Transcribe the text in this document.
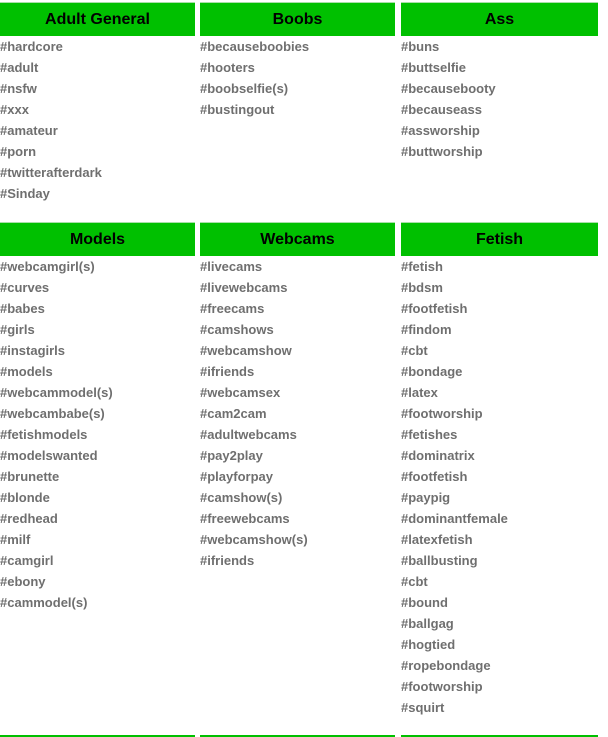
Adult General
#hardcore
#adult
#nsfw
#xxx
#amateur
#porn
#twitterafterdark
#Sinday
Boobs
#becauseboobies
#hooters
#boobselfie(s)
#bustingout
Ass
#buns
#buttselfie
#becausebooty
#becauseass
#assworship
#buttworship
Models
#webcamgirl(s)
#curves
#babes
#girls
#instagirls
#models
#webcammodel(s)
#webcambabe(s)
#fetishmodels
#modelswanted
#brunette
#blonde
#redhead
#milf
#camgirl
#ebony
#cammodel(s)
Webcams
#livecams
#livewebcams
#freecams
#camshows
#webcamshow
#ifriends
#webcamsex
#cam2cam
#adultwebcams
#pay2play
#playforpay
#camshow(s)
#freewebcams
#webcamshow(s)
#ifriends
Fetish
#fetish
#bdsm
#footfetish
#findom
#cbt
#bondage
#latex
#footworship
#fetishes
#dominatrix
#footfetish
#paypig
#dominantfemale
#latexfetish
#ballbusting
#cbt
#bound
#ballgag
#hogtied
#ropebondage
#footworship
#squirt
